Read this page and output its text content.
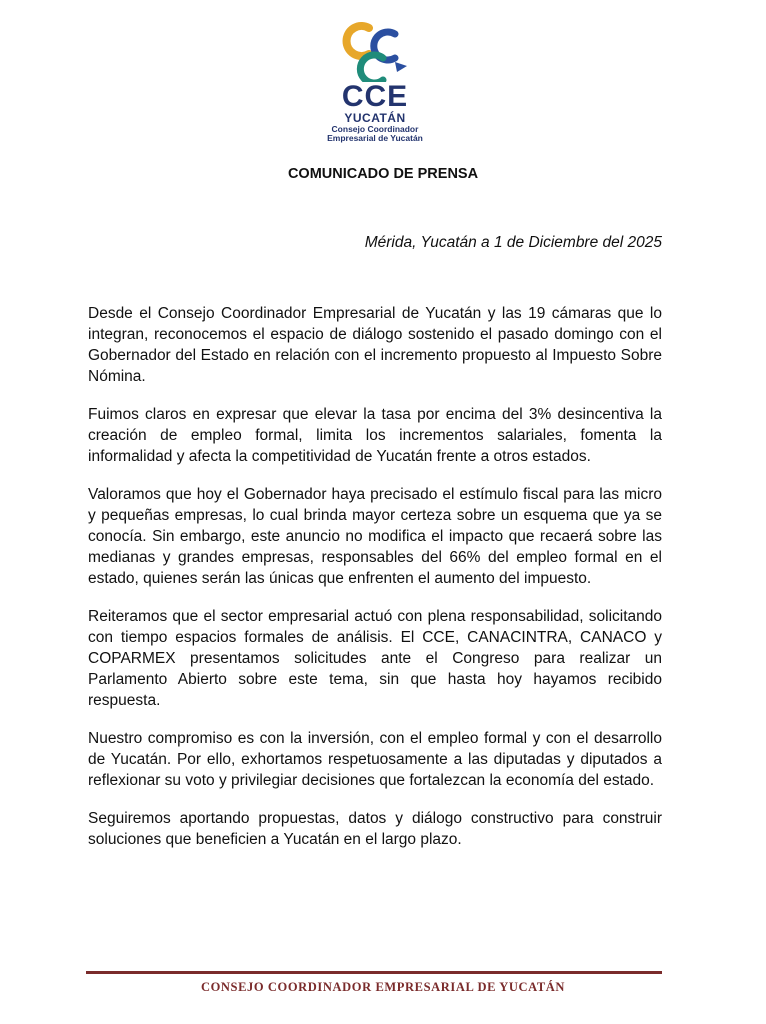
CCE
YUCATÁN
Consejo Coordinador
Empresarial de Yucatán
COMUNICADO DE PRENSA
Mérida, Yucatán a 1 de Diciembre del 2025

Desde el Consejo Coordinador Empresarial de Yucatán y las 19 cámaras que lo integran, reconocemos el espacio de diálogo sostenido el pasado domingo con el Gobernador del Estado en relación con el incremento propuesto al Impuesto Sobre Nómina.

Fuimos claros en expresar que elevar la tasa por encima del 3% desincentiva la creación de empleo formal, limita los incrementos salariales, fomenta la informalidad y afecta la competitividad de Yucatán frente a otros estados.

Valoramos que hoy el Gobernador haya precisado el estímulo fiscal para las micro y pequeñas empresas, lo cual brinda mayor certeza sobre un esquema que ya se conocía. Sin embargo, este anuncio no modifica el impacto que recaerá sobre las medianas y grandes empresas, responsables del 66% del empleo formal en el estado, quienes serán las únicas que enfrenten el aumento del impuesto.

Reiteramos que el sector empresarial actuó con plena responsabilidad, solicitando con tiempo espacios formales de análisis. El CCE, CANACINTRA, CANACO y COPARMEX presentamos solicitudes ante el Congreso para realizar un Parlamento Abierto sobre este tema, sin que hasta hoy hayamos recibido respuesta.

Nuestro compromiso es con la inversión, con el empleo formal y con el desarrollo de Yucatán. Por ello, exhortamos respetuosamente a las diputadas y diputados a reflexionar su voto y privilegiar decisiones que fortalezcan la economía del estado.

Seguiremos aportando propuestas, datos y diálogo constructivo para construir soluciones que beneficien a Yucatán en el largo plazo.

CONSEJO COORDINADOR EMPRESARIAL DE YUCATÁN
